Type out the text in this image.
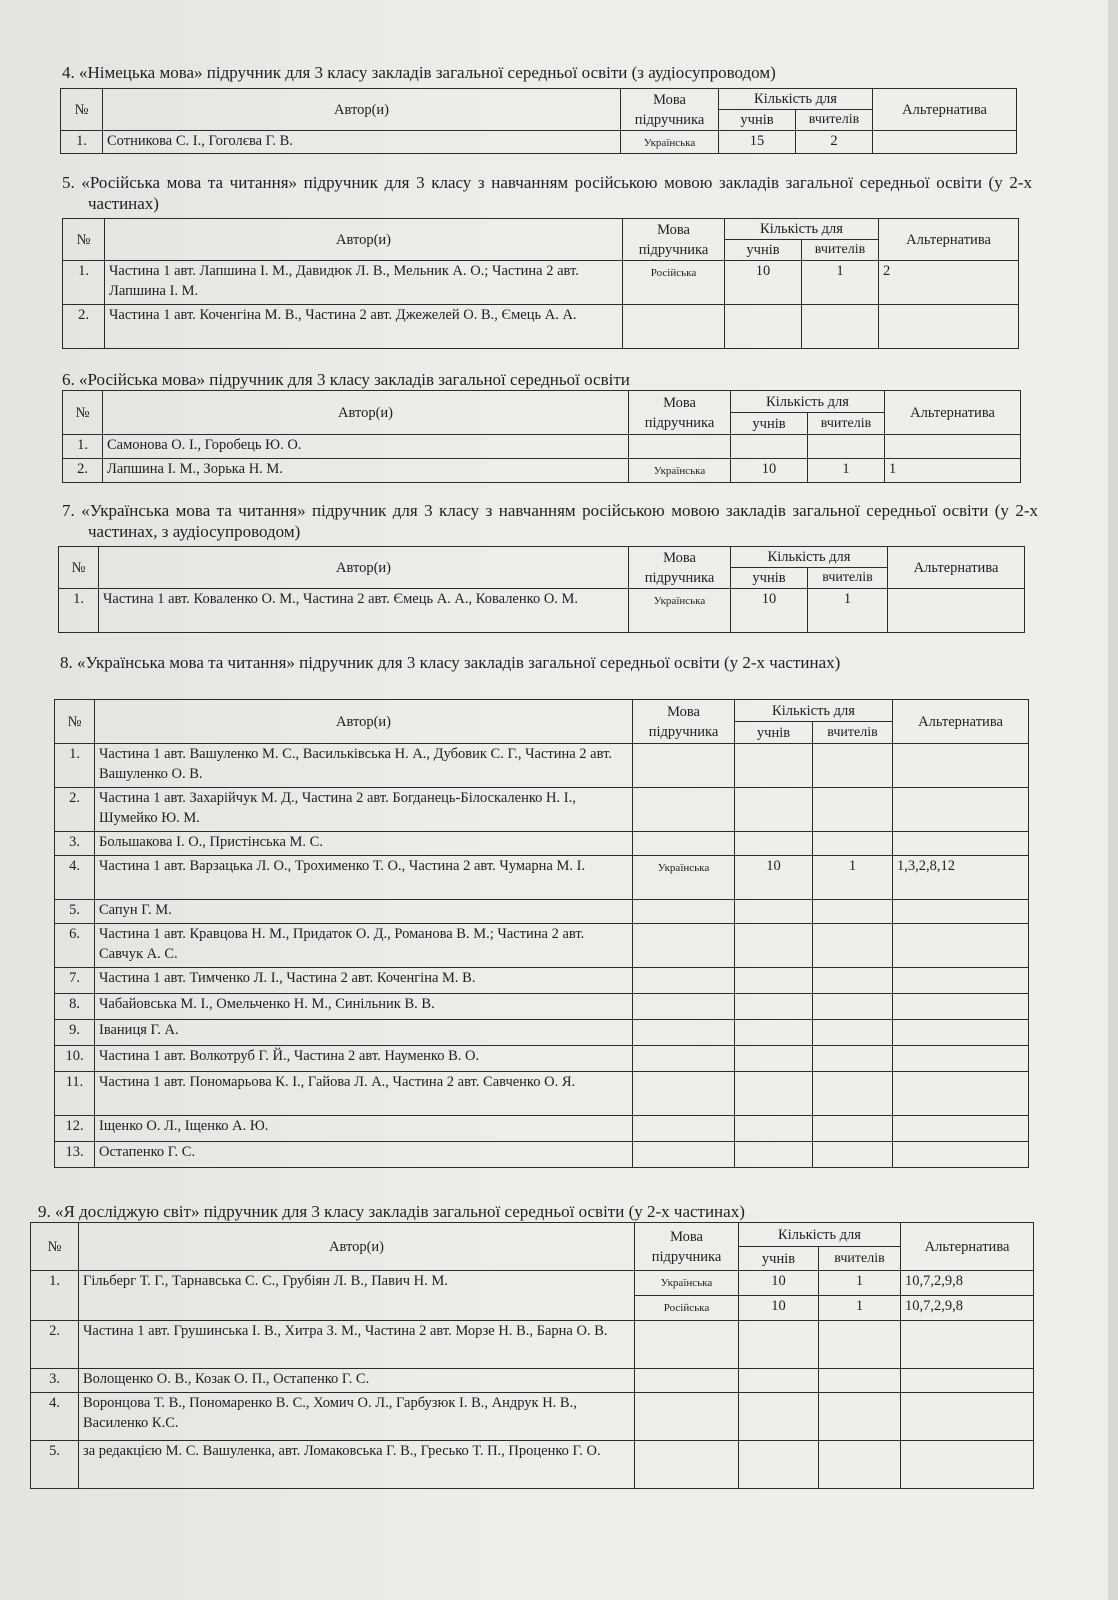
4. «Німецька мова» підручник для 3 класу закладів загальної середньої освіти (з аудіосупроводом)

№	Автор(и)	Мова
підручника	Кількість для		Альтернатива
			учнів	вчителів	
1.	Сотникова С. І., Гоголєва Г. В.	Українська	15	2	

5. «Російська мова та читання» підручник для 3 класу з навчанням російською мовою закладів загальної середньої освіти (у 2-х частинах)

№	Автор(и)	Мова
підручника	Кількість для		Альтернатива
			учнів	вчителів	
1.	Частина 1 авт. Лапшина І. М., Давидюк Л. В., Мельник А. О.; Частина 2 авт. Лапшина І. М.	Російська	10	1	2
2.	Частина 1 авт. Коченгіна М. В., Частина 2 авт. Джежелей О. В., Ємець А. А.				

6. «Російська мова» підручник для 3 класу закладів загальної середньої освіти

№	Автор(и)	Мова
підручника	Кількість для		Альтернатива
			учнів	вчителів	
1.	Самонова О. І., Горобець Ю. О.				
2.	Лапшина І. М., Зорька Н. М.	Українська	10	1	1

7. «Українська мова та читання» підручник для 3 класу з навчанням російською мовою закладів загальної середньої освіти (у 2-х частинах, з аудіосупроводом)

№	Автор(и)	Мова
підручника	Кількість для		Альтернатива
			учнів	вчителів	
1.	Частина 1 авт. Коваленко О. М., Частина 2 авт. Ємець А. А., Коваленко О. М.	Українська	10	1	

8. «Українська мова та читання» підручник для 3 класу закладів загальної середньої освіти (у 2-х частинах)

№	Автор(и)	Мова
підручника	Кількість для		Альтернатива
			учнів	вчителів	
1.	Частина 1 авт. Вашуленко М. С., Васильківська Н. А., Дубовик С. Г., Частина 2 авт. Вашуленко О. В.				
2.	Частина 1 авт. Захарійчук М. Д., Частина 2 авт. Богданець-Білоскаленко Н. І., Шумейко Ю. М.				
3.	Большакова І. О., Пристінська М. С.				
4.	Частина 1 авт. Варзацька Л. О., Трохименко Т. О., Частина 2 авт. Чумарна М. І.	Українська	10	1	1,3,2,8,12
5.	Сапун Г. М.				
6.	Частина 1 авт. Кравцова Н. М., Придаток О. Д., Романова В. М.; Частина 2 авт. Савчук А. С.				
7.	Частина 1 авт. Тимченко Л. І., Частина 2 авт. Коченгіна М. В.				
8.	Чабайовська М. І., Омельченко Н. М., Синільник В. В.				
9.	Іваниця Г. А.				
10.	Частина 1 авт. Волкотруб Г. Й., Частина 2 авт. Науменко В. О.				
11.	Частина 1 авт. Пономарьова К. І., Гайова Л. А., Частина 2 авт. Савченко О. Я.				
12.	Іщенко О. Л., Іщенко А. Ю.				
13.	Остапенко Г. С.				

9. «Я досліджую світ» підручник для 3 класу закладів загальної середньої освіти (у 2-х частинах)

№	Автор(и)	Мова
підручника	Кількість для		Альтернатива
			учнів	вчителів	
1.	Гільберг Т. Г., Тарнавська С. С., Грубіян Л. В., Павич Н. М.	Українська	10	1	10,7,2,9,8
		Російська	10	1	10,7,2,9,8
2.	Частина 1 авт. Грушинська І. В., Хитра З. М., Частина 2 авт. Морзе Н. В., Барна О. В.				
3.	Волощенко О. В., Козак О. П., Остапенко Г. С.				
4.	Воронцова Т. В., Пономаренко В. С., Хомич О. Л., Гарбузюк І. В., Андрук Н. В., Василенко К.С.				
5.	за редакцією М. С. Вашуленка, авт. Ломаковська Г. В., Гресько Т. П., Проценко Г. О.				
